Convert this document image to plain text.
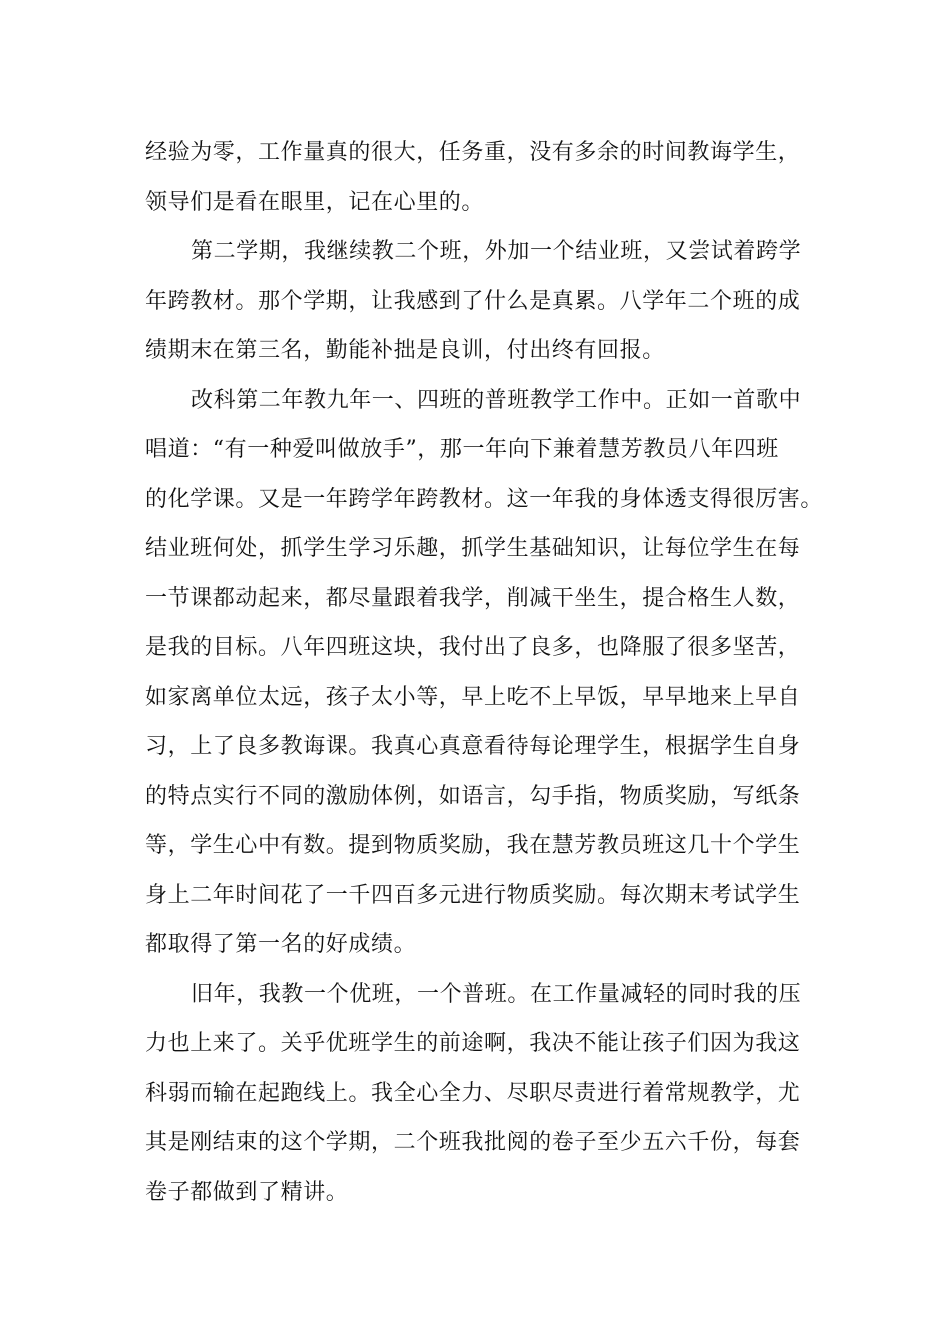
经验为零，工作量真的很大，任务重，没有多余的时间教诲学生，
领导们是看在眼里，记在心里的。
第二学期，我继续教二个班，外加一个结业班，又尝试着跨学
年跨教材。那个学期，让我感到了什么是真累。八学年二个班的成
绩期末在第三名，勤能补拙是良训，付出终有回报。
改科第二年教九年一、四班的普班教学工作中。正如一首歌中
唱道：“有一种爱叫做放手”，那一年向下兼着慧芳教员八年四班
的化学课。又是一年跨学年跨教材。这一年我的身体透支得很厉害。
结业班何处，抓学生学习乐趣，抓学生基础知识，让每位学生在每
一节课都动起来，都尽量跟着我学，削减干坐生，提合格生人数，
是我的目标。八年四班这块，我付出了良多，也降服了很多坚苦，
如家离单位太远，孩子太小等，早上吃不上早饭，早早地来上早自
习，上了良多教诲课。我真心真意看待每论理学生，根据学生自身
的特点实行不同的激励体例，如语言，勾手指，物质奖励，写纸条
等，学生心中有数。提到物质奖励，我在慧芳教员班这几十个学生
身上二年时间花了一千四百多元进行物质奖励。每次期末考试学生
都取得了第一名的好成绩。
旧年，我教一个优班，一个普班。在工作量减轻的同时我的压
力也上来了。关乎优班学生的前途啊，我决不能让孩子们因为我这
科弱而输在起跑线上。我全心全力、尽职尽责进行着常规教学，尤
其是刚结束的这个学期，二个班我批阅的卷子至少五六千份，每套
卷子都做到了精讲。
